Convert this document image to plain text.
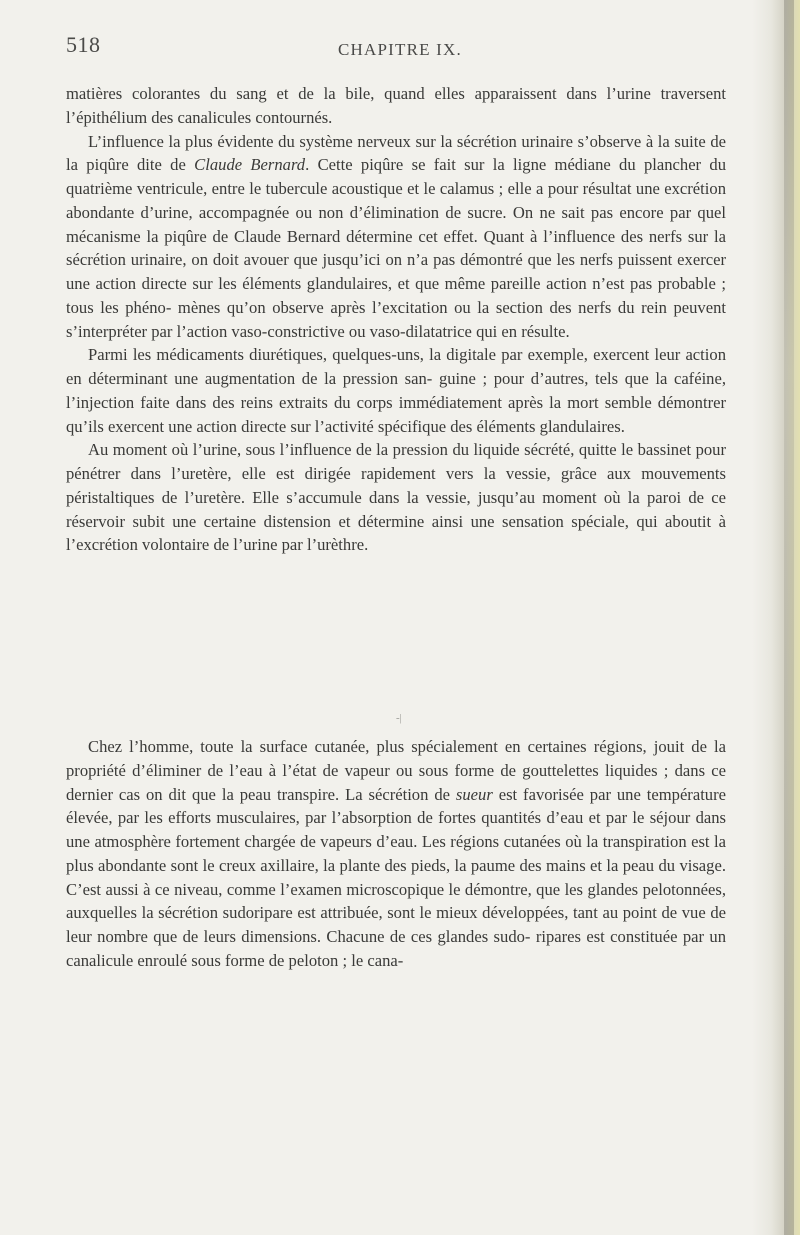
518	CHAPITRE IX.

matières colorantes du sang et de la bile, quand elles apparaissent dans l’urine traversent l’épithélium des canalicules contournés.

L’influence la plus évidente du système nerveux sur la sécrétion urinaire s’observe à la suite de la piqûre dite de Claude Bernard. Cette piqûre se fait sur la ligne médiane du plancher du quatrième ventricule, entre le tubercule acoustique et le calamus ; elle a pour résultat une excrétion abondante d’urine, accompagnée ou non d’élimination de sucre. On ne sait pas encore par quel mécanisme la piqûre de Claude Bernard détermine cet effet. Quant à l’influence des nerfs sur la sécrétion urinaire, on doit avouer que jusqu’ici on n’a pas démontré que les nerfs puissent exercer une action directe sur les éléments glandulaires, et que même pareille action n’est pas probable ; tous les phéno- mènes qu’on observe après l’excitation ou la section des nerfs du rein peuvent s’interpréter par l’action vaso-constrictive ou vaso-dilatatrice qui en résulte.

Parmi les médicaments diurétiques, quelques-uns, la digitale par exemple, exercent leur action en déterminant une augmentation de la pression san- guine ; pour d’autres, tels que la caféine, l’injection faite dans des reins extraits du corps immédiatement après la mort semble démontrer qu’ils exercent une action directe sur l’activité spécifique des éléments glandulaires.

Au moment où l’urine, sous l’influence de la pression du liquide sécrété, quitte le bassinet pour pénétrer dans l’uretère, elle est dirigée rapidement vers la vessie, grâce aux mouvements péristaltiques de l’uretère. Elle s’accumule dans la vessie, jusqu’au moment où la paroi de ce réservoir subit une certaine distension et détermine ainsi une sensation spéciale, qui aboutit à l’excrétion volontaire de l’urine par l’urèthre.

-|

Chez l’homme, toute la surface cutanée, plus spécialement en certaines régions, jouit de la propriété d’éliminer de l’eau à l’état de vapeur ou sous forme de gouttelettes liquides ; dans ce dernier cas on dit que la peau transpire. La sécrétion de sueur est favorisée par une température élevée, par les efforts musculaires, par l’absorption de fortes quantités d’eau et par le séjour dans une atmosphère fortement chargée de vapeurs d’eau. Les régions cutanées où la transpiration est la plus abondante sont le creux axillaire, la plante des pieds, la paume des mains et la peau du visage. C’est aussi à ce niveau, comme l’examen microscopique le démontre, que les glandes pelotonnées, auxquelles la sécrétion sudoripare est attribuée, sont le mieux développées, tant au point de vue de leur nombre que de leurs dimensions. Chacune de ces glandes sudo- ripares est constituée par un canalicule enroulé sous forme de peloton ; le cana-
